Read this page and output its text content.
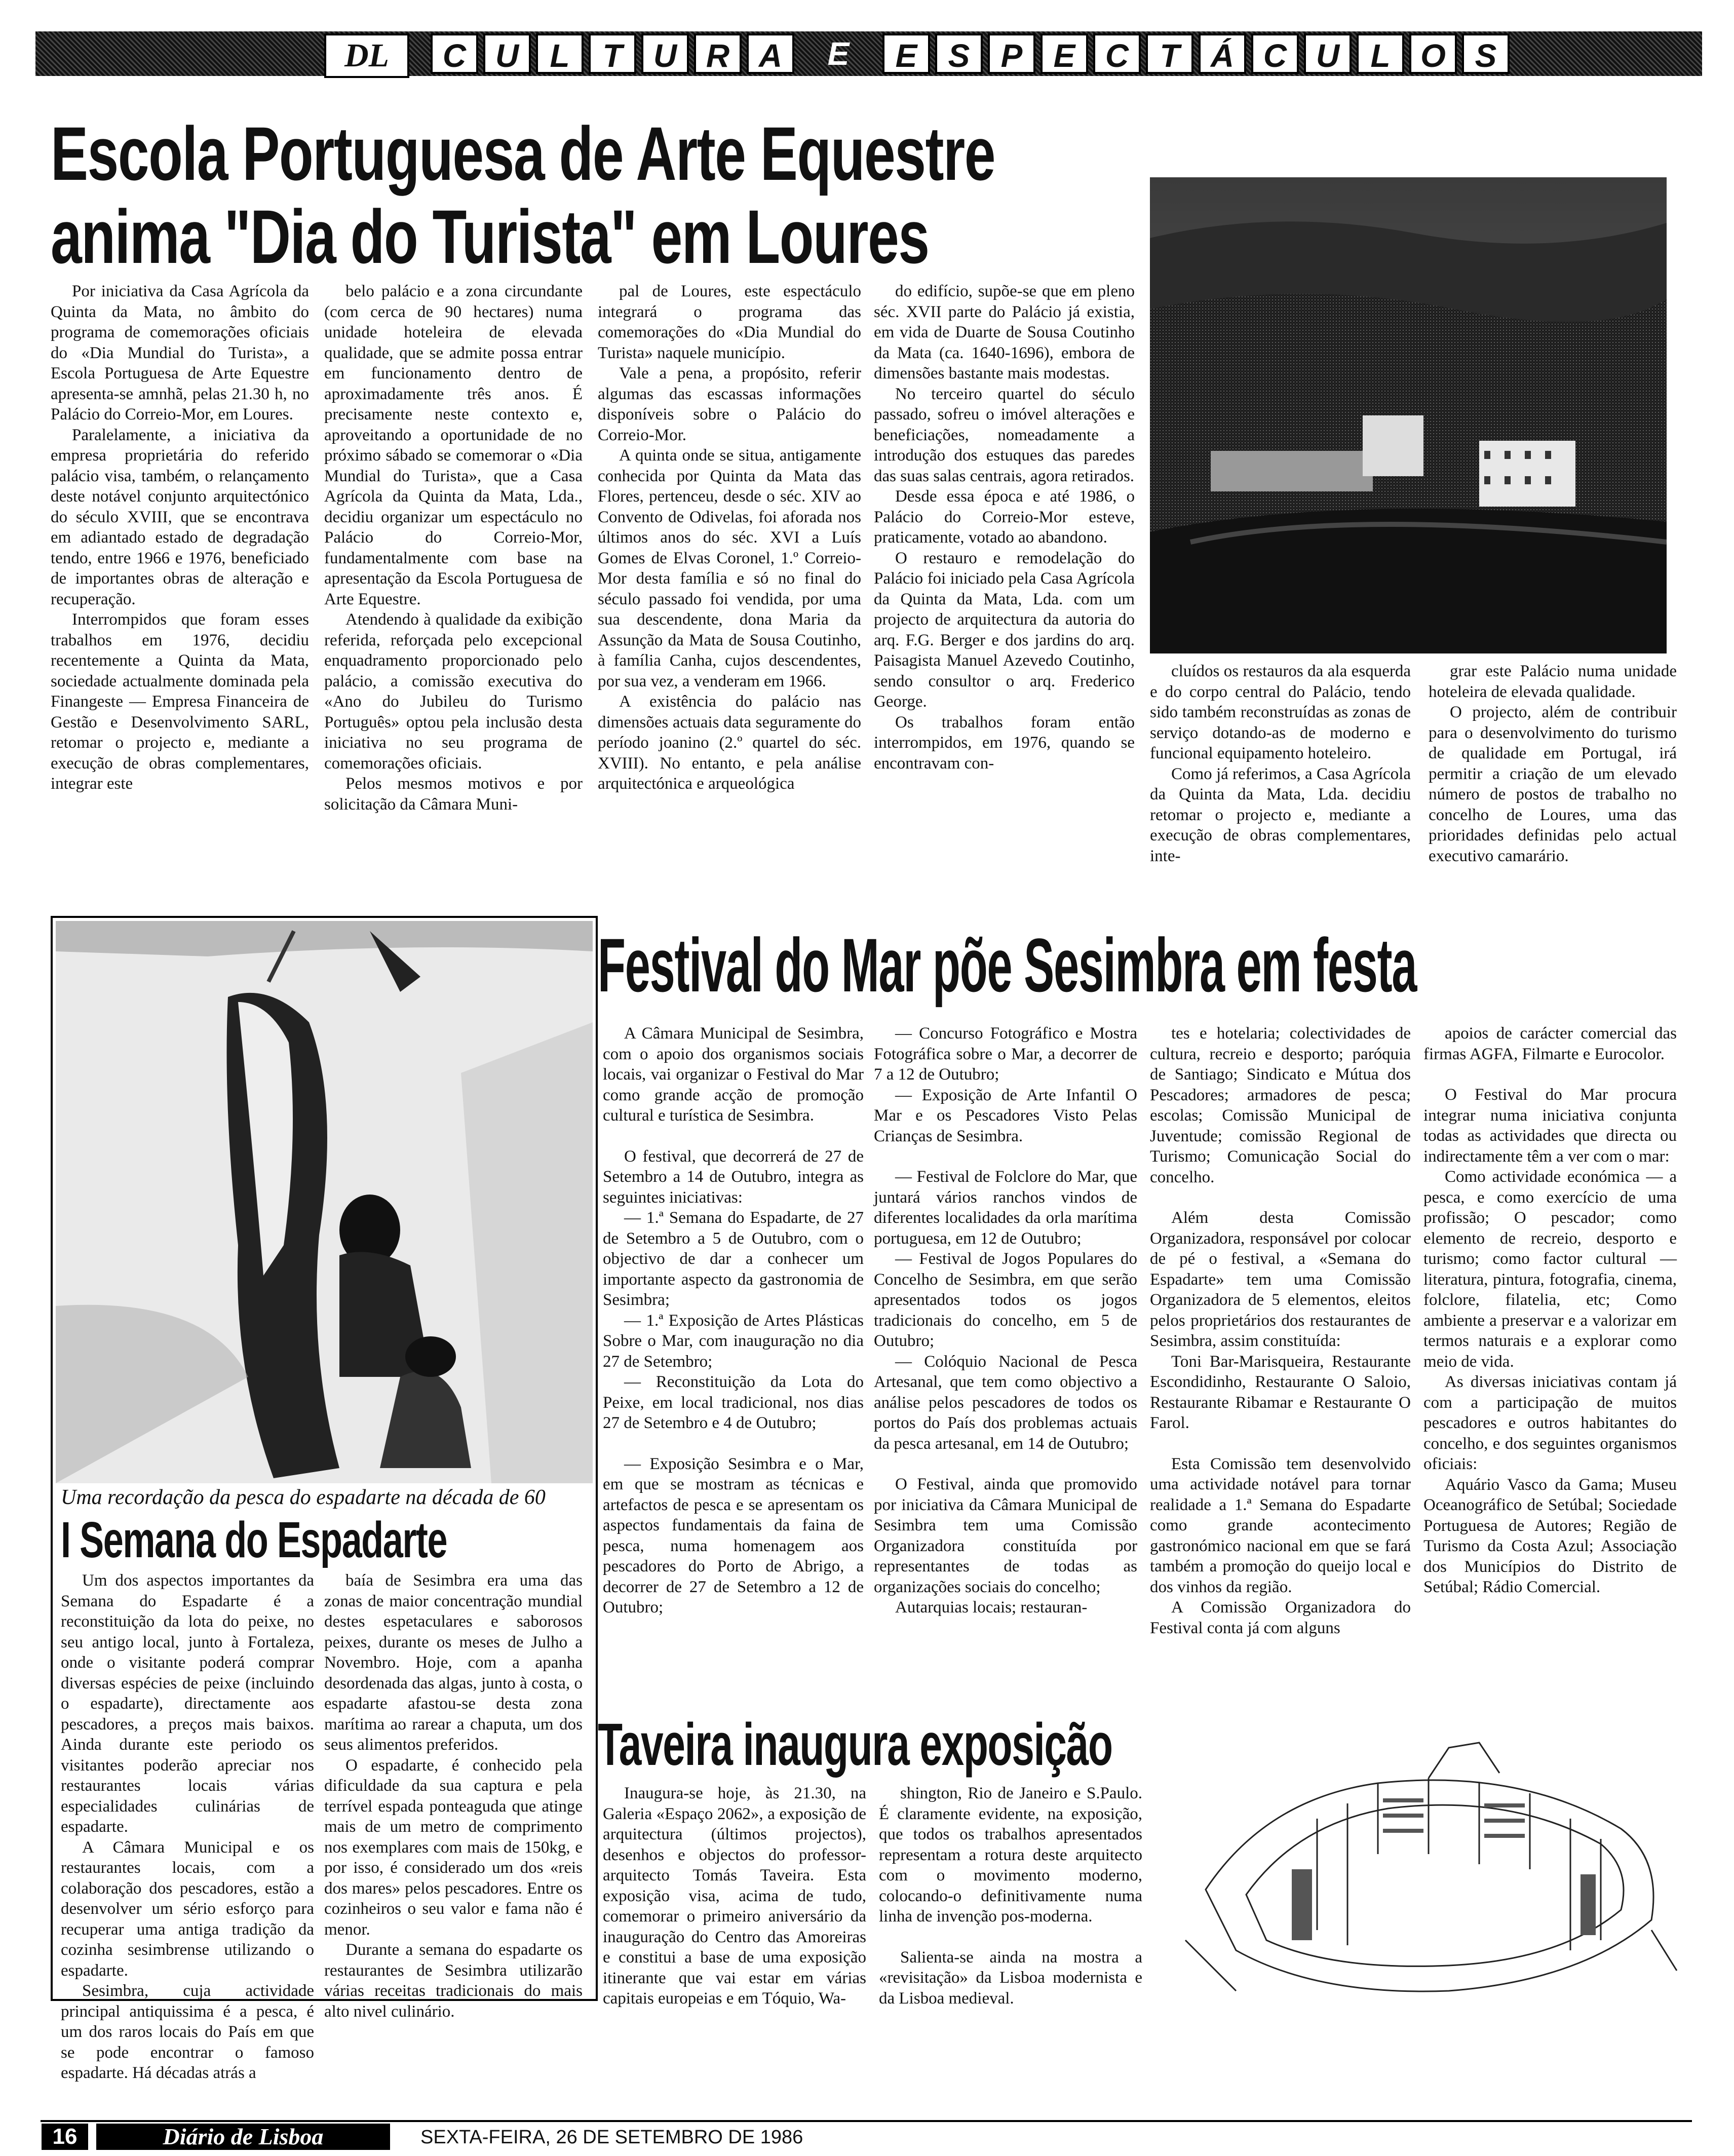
DL	C U L	T U R A	E	E S P E C T Á C U L O S
Escola Portuguesa de Arte Equestre
anima "Dia do Turista" em Loures

Por iniciativa da Casa Agrícola da Quinta da Mata, no âmbito do programa de comemorações oficiais do «Dia Mundial do Turista», a Escola Portuguesa de Arte Equestre apresenta-se amnhã, pelas 21.30 h, no Palácio do Correio-Mor, em Loures.

Paralelamente, a iniciativa da empresa proprietária do referido palácio visa, também, o relançamento deste notável conjunto arquitectónico do século XVIII, que se encontrava em adiantado estado de degradação tendo, entre 1966 e 1976, beneficiado de importantes obras de alteração e recuperação.

Interrompidos que foram esses trabalhos em 1976, decidiu recentemente a Quinta da Mata, sociedade actualmente dominada pela Finangeste — Empresa Financeira de Gestão e Desenvolvimento SARL, retomar o projecto e, mediante a execução de obras complementares, integrar este

belo palácio e a zona circundante (com cerca de 90 hectares) numa unidade hoteleira de elevada qualidade, que se admite possa entrar em funcionamento dentro de aproximadamente três anos. É precisamente neste contexto e, aproveitando a oportunidade de no próximo sábado se comemorar o «Dia Mundial do Turista», que a Casa Agrícola da Quinta da Mata, Lda., decidiu organizar um espectáculo no Palácio do Correio-Mor, fundamentalmente com base na apresentação da Escola Portuguesa de Arte Equestre.

Atendendo à qualidade da exibição referida, reforçada pelo excepcional enquadramento proporcionado pelo palácio, a comissão executiva do «Ano do Jubileu do Turismo Português» optou pela inclusão desta iniciativa no seu programa de comemorações oficiais.

Pelos mesmos motivos e por solicitação da Câmara Muni-

pal de Loures, este espectáculo integrará o programa das comemorações do «Dia Mundial do Turista» naquele município.

Vale a pena, a propósito, referir algumas das escassas informações disponíveis sobre o Palácio do Correio-Mor.

A quinta onde se situa, antigamente conhecida por Quinta da Mata das Flores, pertenceu, desde o séc. XIV ao Convento de Odivelas, foi aforada nos últimos anos do séc. XVI a Luís Gomes de Elvas Coronel, 1.º Correio-Mor desta família e só no final do século passado foi vendida, por uma sua descendente, dona Maria da Assunção da Mata de Sousa Coutinho, à família Canha, cujos descendentes, por sua vez, a venderam em 1966.

A existência do palácio nas dimensões actuais data seguramente do período joanino (2.º quartel do séc. XVIII). No entanto, e pela análise arquitectónica e arqueológica

do edifício, supõe-se que em pleno séc. XVII parte do Palácio já existia, em vida de Duarte de Sousa Coutinho da Mata (ca. 1640-1696), embora de dimensões bastante mais modestas.

No terceiro quartel do século passado, sofreu o imóvel alterações e beneficiações, nomeadamente a introdução dos estuques das paredes das suas salas centrais, agora retirados.

Desde essa época e até 1986, o Palácio do Correio-Mor esteve, praticamente, votado ao abandono.

O restauro e remodelação do Palácio foi iniciado pela Casa Agrícola da Quinta da Mata, Lda. com um projecto de arquitectura da autoria do arq. F.G. Berger e dos jardins do arq. Paisagista Manuel Azevedo Coutinho, sendo consultor o arq. Frederico George.

Os trabalhos foram então interrompidos, em 1976, quando se encontravam con-

cluídos os restauros da ala esquerda e do corpo central do Palácio, tendo sido também reconstruídas as zonas de serviço dotando-as de moderno e funcional equipamento hoteleiro.

Como já referimos, a Casa Agrícola da Quinta da Mata, Lda. decidiu retomar o projecto e, mediante a execução de obras complementares, inte-

grar este Palácio numa unidade hoteleira de elevada qualidade.

O projecto, além de contribuir para o desenvolvimento do turismo de qualidade em Portugal, irá permitir a criação de um elevado número de postos de trabalho no concelho de Loures, uma das prioridades definidas pelo actual executivo camarário.

Uma recordação da pesca do espadarte na década de 60
I Semana do Espadarte

Um dos aspectos importantes da Semana do Espadarte é a reconstituição da lota do peixe, no seu antigo local, junto à Fortaleza, onde o visitante poderá comprar diversas espécies de peixe (incluindo o espadarte), directamente aos pescadores, a preços mais baixos. Ainda durante este periodo os visitantes poderão apreciar nos restaurantes locais várias especialidades culinárias de espadarte.

A Câmara Municipal e os restaurantes locais, com a colaboração dos pescadores, estão a desenvolver um sério esforço para recuperar uma antiga tradição da cozinha sesimbrense utilizando o espadarte.

Sesimbra, cuja actividade principal antiquissima é a pesca, é um dos raros locais do País em que se pode encontrar o famoso espadarte. Há décadas atrás a

baía de Sesimbra era uma das zonas de maior concentração mundial destes espetaculares e saborosos peixes, durante os meses de Julho a Novembro. Hoje, com a apanha desordenada das algas, junto à costa, o espadarte afastou-se desta zona marítima ao rarear a chaputa, um dos seus alimentos preferidos.

O espadarte, é conhecido pela dificuldade da sua captura e pela terrível espada ponteaguda que atinge mais de um metro de comprimento nos exemplares com mais de 150kg, e por isso, é considerado um dos «reis dos mares» pelos pescadores. Entre os cozinheiros o seu valor e fama não é menor.

Durante a semana do espadarte os restaurantes de Sesimbra utilizarão várias receitas tradicionais do mais alto nivel culinário.

Festival do Mar põe Sesimbra em festa

A Câmara Municipal de Sesimbra, com o apoio dos organismos sociais locais, vai organizar o Festival do Mar como grande acção de promoção cultural e turística de Sesimbra.

O festival, que decorrerá de 27 de Setembro a 14 de Outubro, integra as seguintes iniciativas:

— 1.ª Semana do Espadarte, de 27 de Setembro a 5 de Outubro, com o objectivo de dar a conhecer um importante aspecto da gastronomia de Sesimbra;

— 1.ª Exposição de Artes Plásticas Sobre o Mar, com inauguração no dia 27 de Setembro;

— Reconstituição da Lota do Peixe, em local tradicional, nos dias 27 de Setembro e 4 de Outubro;

— Exposição Sesimbra e o Mar, em que se mostram as técnicas e artefactos de pesca e se apresentam os aspectos fundamentais da faina de pesca, numa homenagem aos pescadores do Porto de Abrigo, a decorrer de 27 de Setembro a 12 de Outubro;

— Concurso Fotográfico e Mostra Fotográfica sobre o Mar, a decorrer de 7 a 12 de Outubro;

— Exposição de Arte Infantil O Mar e os Pescadores Visto Pelas Crianças de Sesimbra.

— Festival de Folclore do Mar, que juntará vários ranchos vindos de diferentes localidades da orla marítima portuguesa, em 12 de Outubro;

— Festival de Jogos Populares do Concelho de Sesimbra, em que serão apresentados todos os jogos tradicionais do concelho, em 5 de Outubro;

— Colóquio Nacional de Pesca Artesanal, que tem como objectivo a análise pelos pescadores de todos os portos do País dos problemas actuais da pesca artesanal, em 14 de Outubro;

O Festival, ainda que promovido por iniciativa da Câmara Municipal de Sesimbra tem uma Comissão Organizadora constituída por representantes de todas as organizações sociais do concelho;

Autarquias locais; restauran-

tes e hotelaria; colectividades de cultura, recreio e desporto; paróquia de Santiago; Sindicato e Mútua dos Pescadores; armadores de pesca; escolas; Comissão Municipal de Juventude; comissão Regional de Turismo; Comunicação Social do concelho.

Além desta Comissão Organizadora, responsável por colocar de pé o festival, a «Semana do Espadarte» tem uma Comissão Organizadora de 5 elementos, eleitos pelos proprietários dos restaurantes de Sesimbra, assim constituída:

Toni Bar-Marisqueira, Restaurante Escondidinho, Restaurante O Saloio, Restaurante Ribamar e Restaurante O Farol.

Esta Comissão tem desenvolvido uma actividade notável para tornar realidade a 1.ª Semana do Espadarte como grande acontecimento gastronómico nacional em que se fará também a promoção do queijo local e dos vinhos da região.

A Comissão Organizadora do Festival conta já com alguns

apoios de carácter comercial das firmas AGFA, Filmarte e Eurocolor.

O Festival do Mar procura integrar numa iniciativa conjunta todas as actividades que directa ou indirectamente têm a ver com o mar:

Como actividade económica — a pesca, e como exercício de uma profissão; O pescador; como elemento de recreio, desporto e turismo; como factor cultural — literatura, pintura, fotografia, cinema, folclore, filatelia, etc; Como ambiente a preservar e a valorizar em termos naturais e a explorar como meio de vida.

As diversas iniciativas contam já com a participação de muitos pescadores e outros habitantes do concelho, e dos seguintes organismos oficiais:

Aquário Vasco da Gama; Museu Oceanográfico de Setúbal; Sociedade Portuguesa de Autores; Região de Turismo da Costa Azul; Associação dos Municípios do Distrito de Setúbal; Rádio Comercial.

Taveira inaugura exposição

Inaugura-se hoje, às 21.30, na Galeria «Espaço 2062», a exposição de arquitectura (últimos projectos), desenhos e objectos do professor-arquitecto Tomás Taveira. Esta exposição visa, acima de tudo, comemorar o primeiro aniversário da inauguração do Centro das Amoreiras e constitui a base de uma exposição itinerante que vai estar em várias capitais europeias e em Tóquio, Wa-

shington, Rio de Janeiro e S.Paulo. É claramente evidente, na exposição, que todos os trabalhos apresentados representam a rotura deste arquitecto com o movimento moderno, colocando-o definitivamente numa linha de invenção pos-moderna.

Salienta-se ainda na mostra a «revisitação» da Lisboa modernista e da Lisboa medieval.

16	Diário de Lisboa	SEXTA-FEIRA, 26 DE SETEMBRO DE 1986
